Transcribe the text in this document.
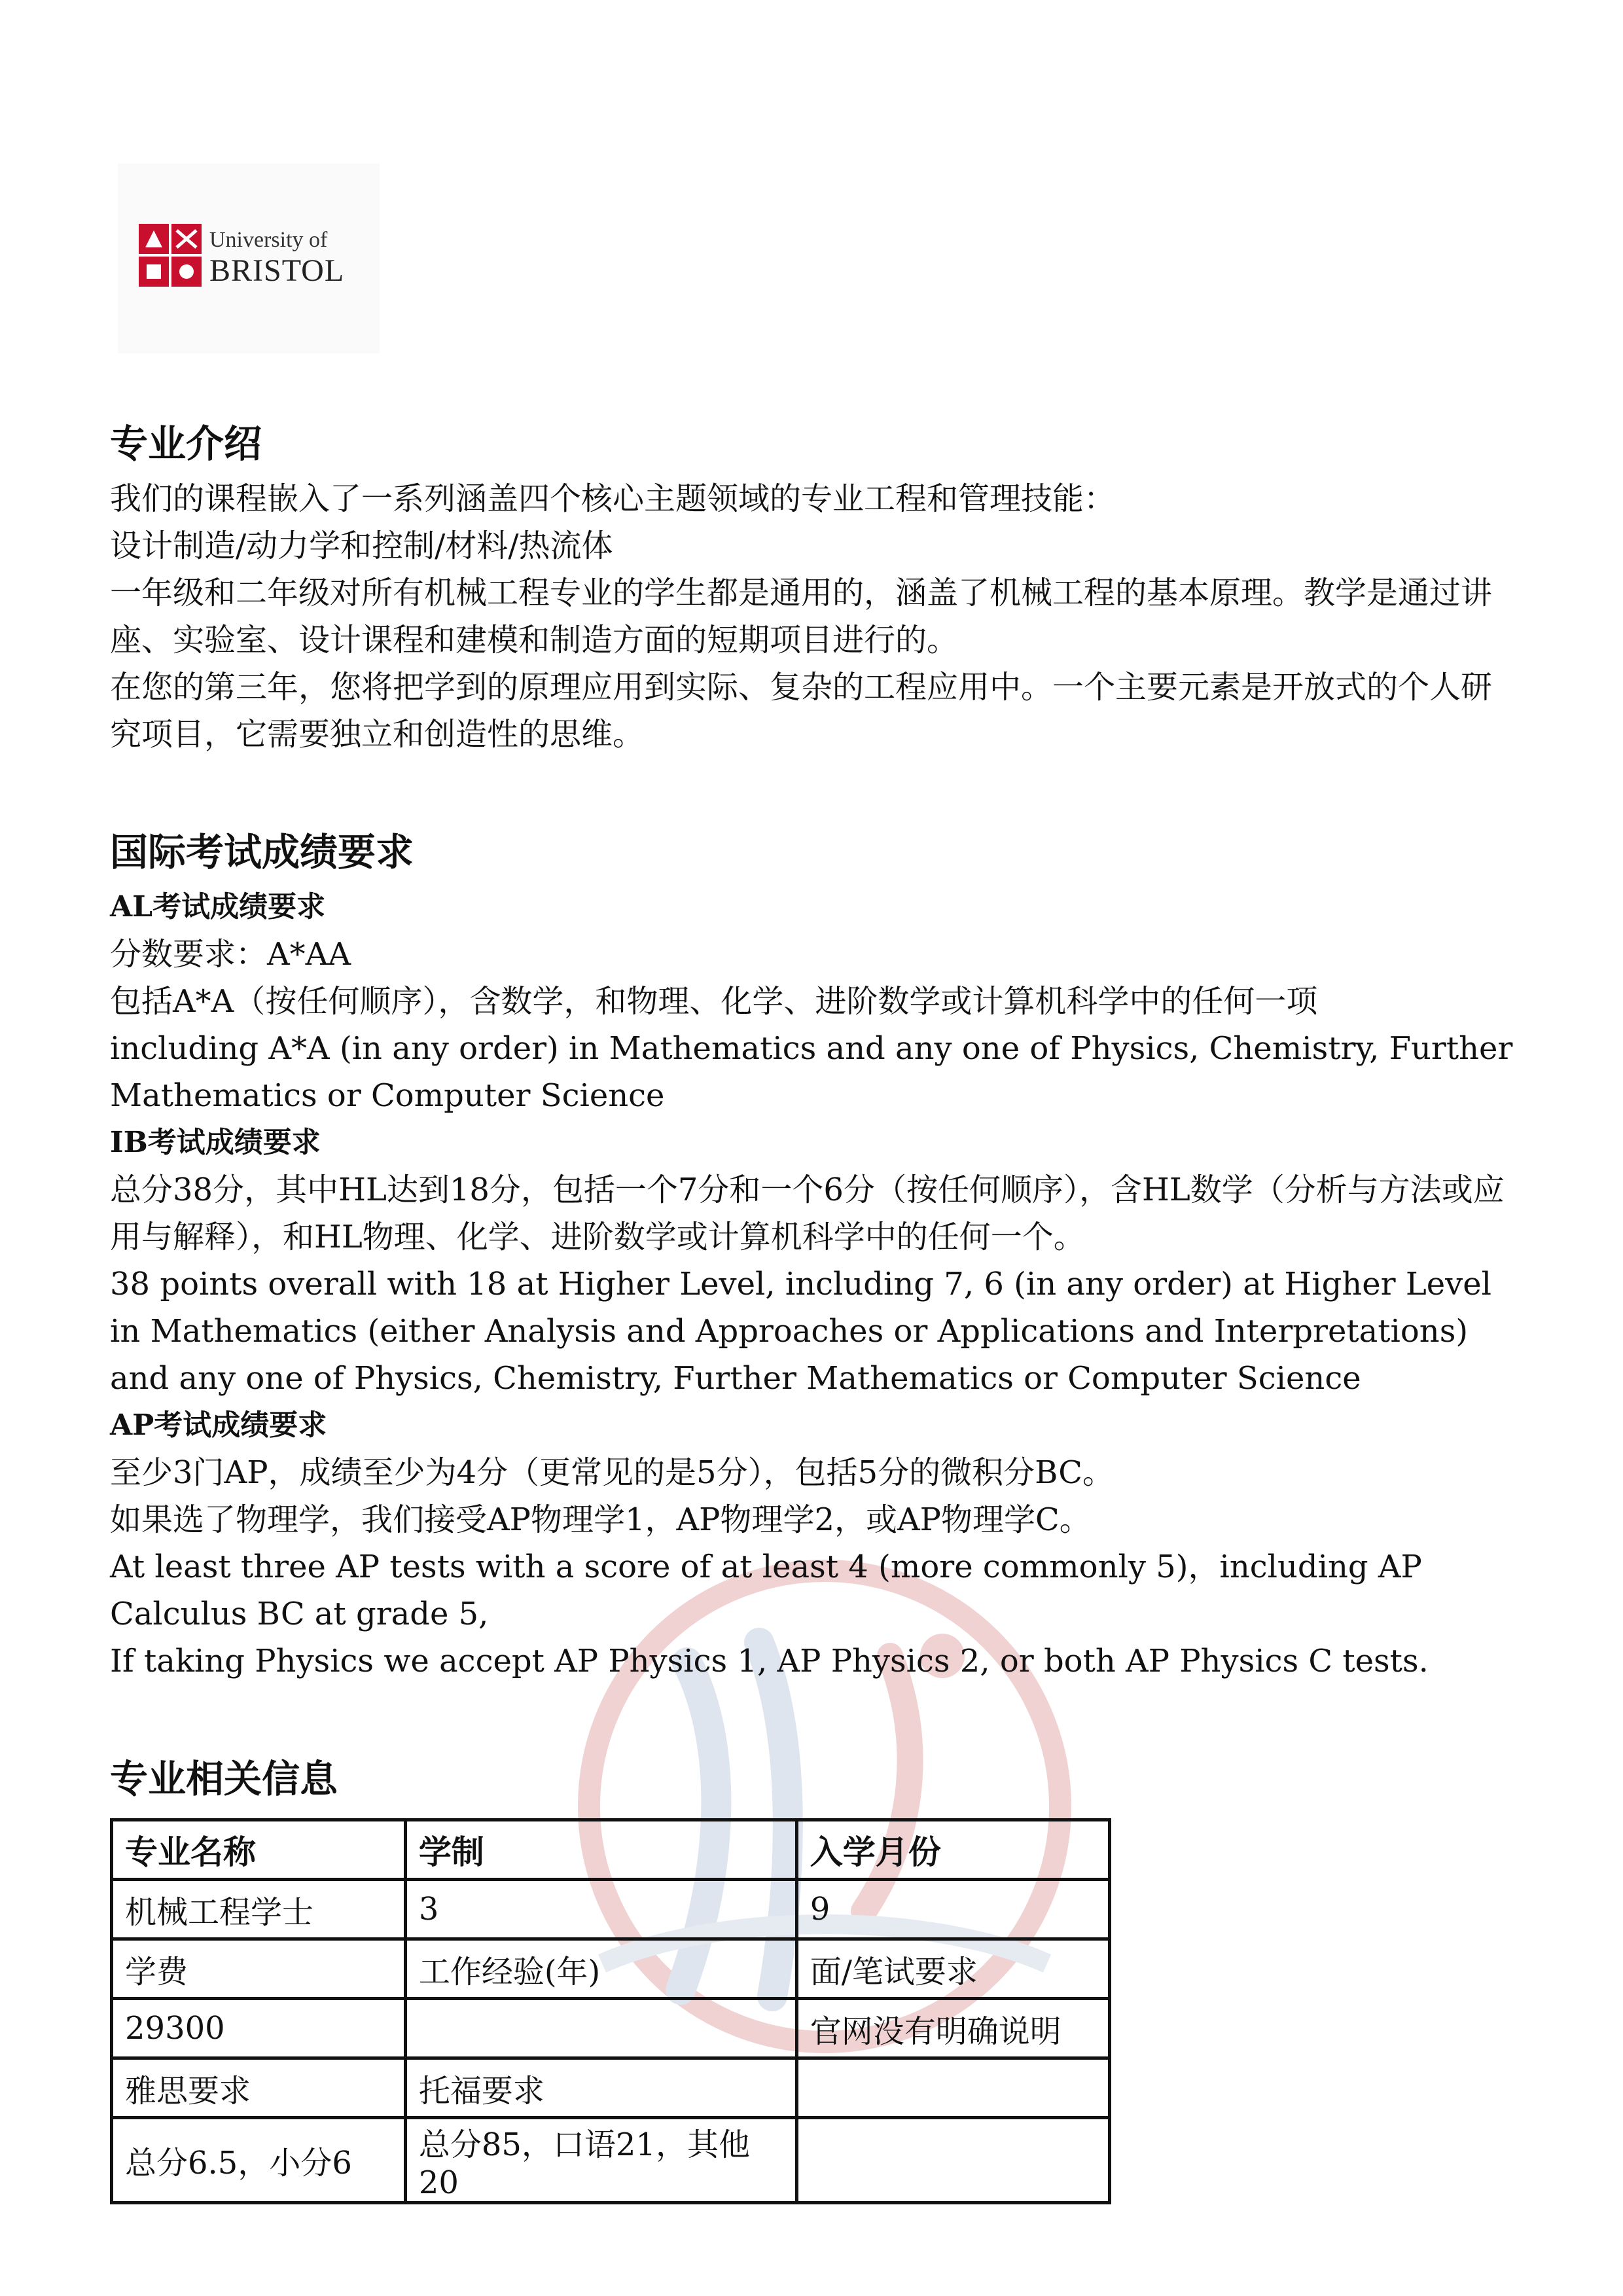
University of
BRISTOL
专业介绍

我们的课程嵌入了一系列涵盖四个核心主题领域的专业工程和管理技能：

设计制造/动力学和控制/材料/热流体

一年级和二年级对所有机械工程专业的学生都是通用的，涵盖了机械工程的基本原理。教学是通过讲座、实验室、设计课程和建模和制造方面的短期项目进行的。

在您的第三年，您将把学到的原理应用到实际、复杂的工程应用中。一个主要元素是开放式的个人研究项目，它需要独立和创造性的思维。

国际考试成绩要求
AL考试成绩要求

分数要求：A*AA

包括A*A（按任何顺序），含数学，和物理、化学、进阶数学或计算机科学中的任何一项

including A*A (in any order) in Mathematics and any one of Physics, Chemistry, Further Mathematics or Computer Science

IB考试成绩要求

总分38分，其中HL达到18分，包括一个7分和一个6分（按任何顺序），含HL数学（分析与方法或应用与解释），和HL物理、化学、进阶数学或计算机科学中的任何一个。

38 points overall with 18 at Higher Level, including 7, 6 (in any order) at Higher Level in Mathematics (either Analysis and Approaches or Applications and Interpretations) and any one of Physics, Chemistry, Further Mathematics or Computer Science

AP考试成绩要求

至少3门AP，成绩至少为4分（更常见的是5分），包括5分的微积分BC。

如果选了物理学，我们接受AP物理学1，AP物理学2，或AP物理学C。

At least three AP tests with a score of at least 4 (more commonly 5)，including AP Calculus BC at grade 5,

If taking Physics we accept AP Physics 1, AP Physics 2, or both AP Physics C tests.

专业相关信息
专业名称	学制	入学月份
机械工程学士	3	9
学费	工作经验(年)	面/笔试要求
29300		官网没有明确说明
雅思要求	托福要求	
总分6.5，小分6	总分85，口语21，其他20	
